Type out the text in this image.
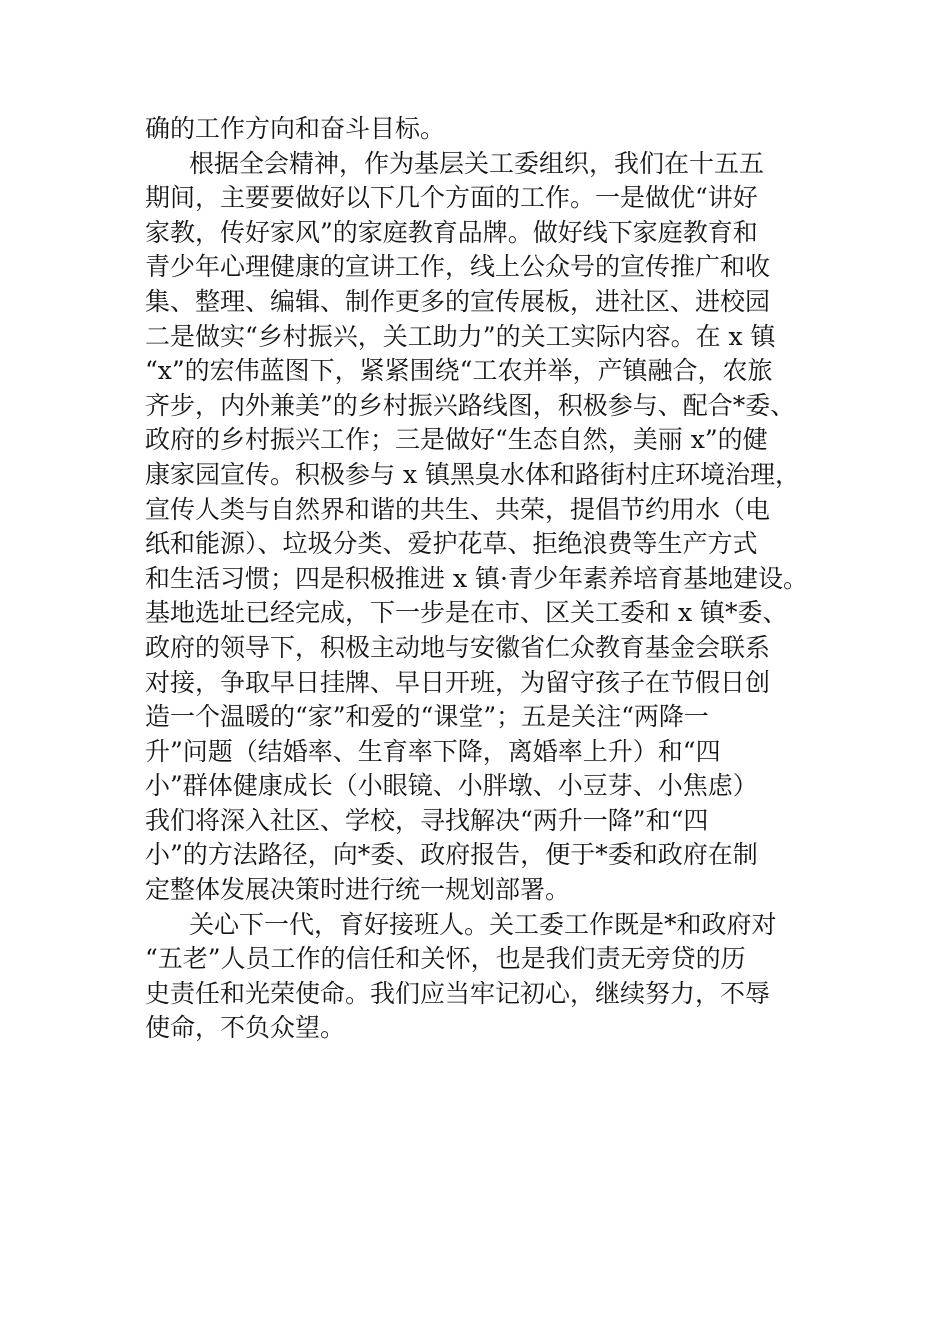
确的工作方向和奋斗目标。
根据全会精神，作为基层关工委组织，我们在十五五
期间，主要要做好以下几个方面的工作。一是做优“讲好
家教，传好家风”的家庭教育品牌。做好线下家庭教育和
青少年心理健康的宣讲工作，线上公众号的宣传推广和收
集、整理、编辑、制作更多的宣传展板，进社区、进校园
二是做实“乡村振兴，关工助力”的关工实际内容。在 x 镇
“x”的宏伟蓝图下，紧紧围绕“工农并举，产镇融合，农旅
齐步，内外兼美”的乡村振兴路线图，积极参与、配合*委、
政府的乡村振兴工作；三是做好“生态自然，美丽 x”的健
康家园宣传。积极参与 x 镇黑臭水体和路街村庄环境治理，
宣传人类与自然界和谐的共生、共荣，提倡节约用水（电
纸和能源）、垃圾分类、爱护花草、拒绝浪费等生产方式
和生活习惯；四是积极推进 x 镇·青少年素养培育基地建设。
基地选址已经完成，下一步是在市、区关工委和 x 镇*委、
政府的领导下，积极主动地与安徽省仁众教育基金会联系
对接，争取早日挂牌、早日开班，为留守孩子在节假日创
造一个温暖的“家”和爱的“课堂”；五是关注“两降一
升”问题（结婚率、生育率下降，离婚率上升）和“四
小”群体健康成长（小眼镜、小胖墩、小豆芽、小焦虑）
我们将深入社区、学校，寻找解决“两升一降”和“四
小”的方法路径，向*委、政府报告，便于*委和政府在制
定整体发展决策时进行统一规划部署。
关心下一代，育好接班人。关工委工作既是*和政府对
“五老”人员工作的信任和关怀，也是我们责无旁贷的历
史责任和光荣使命。我们应当牢记初心，继续努力，不辱
使命，不负众望。
